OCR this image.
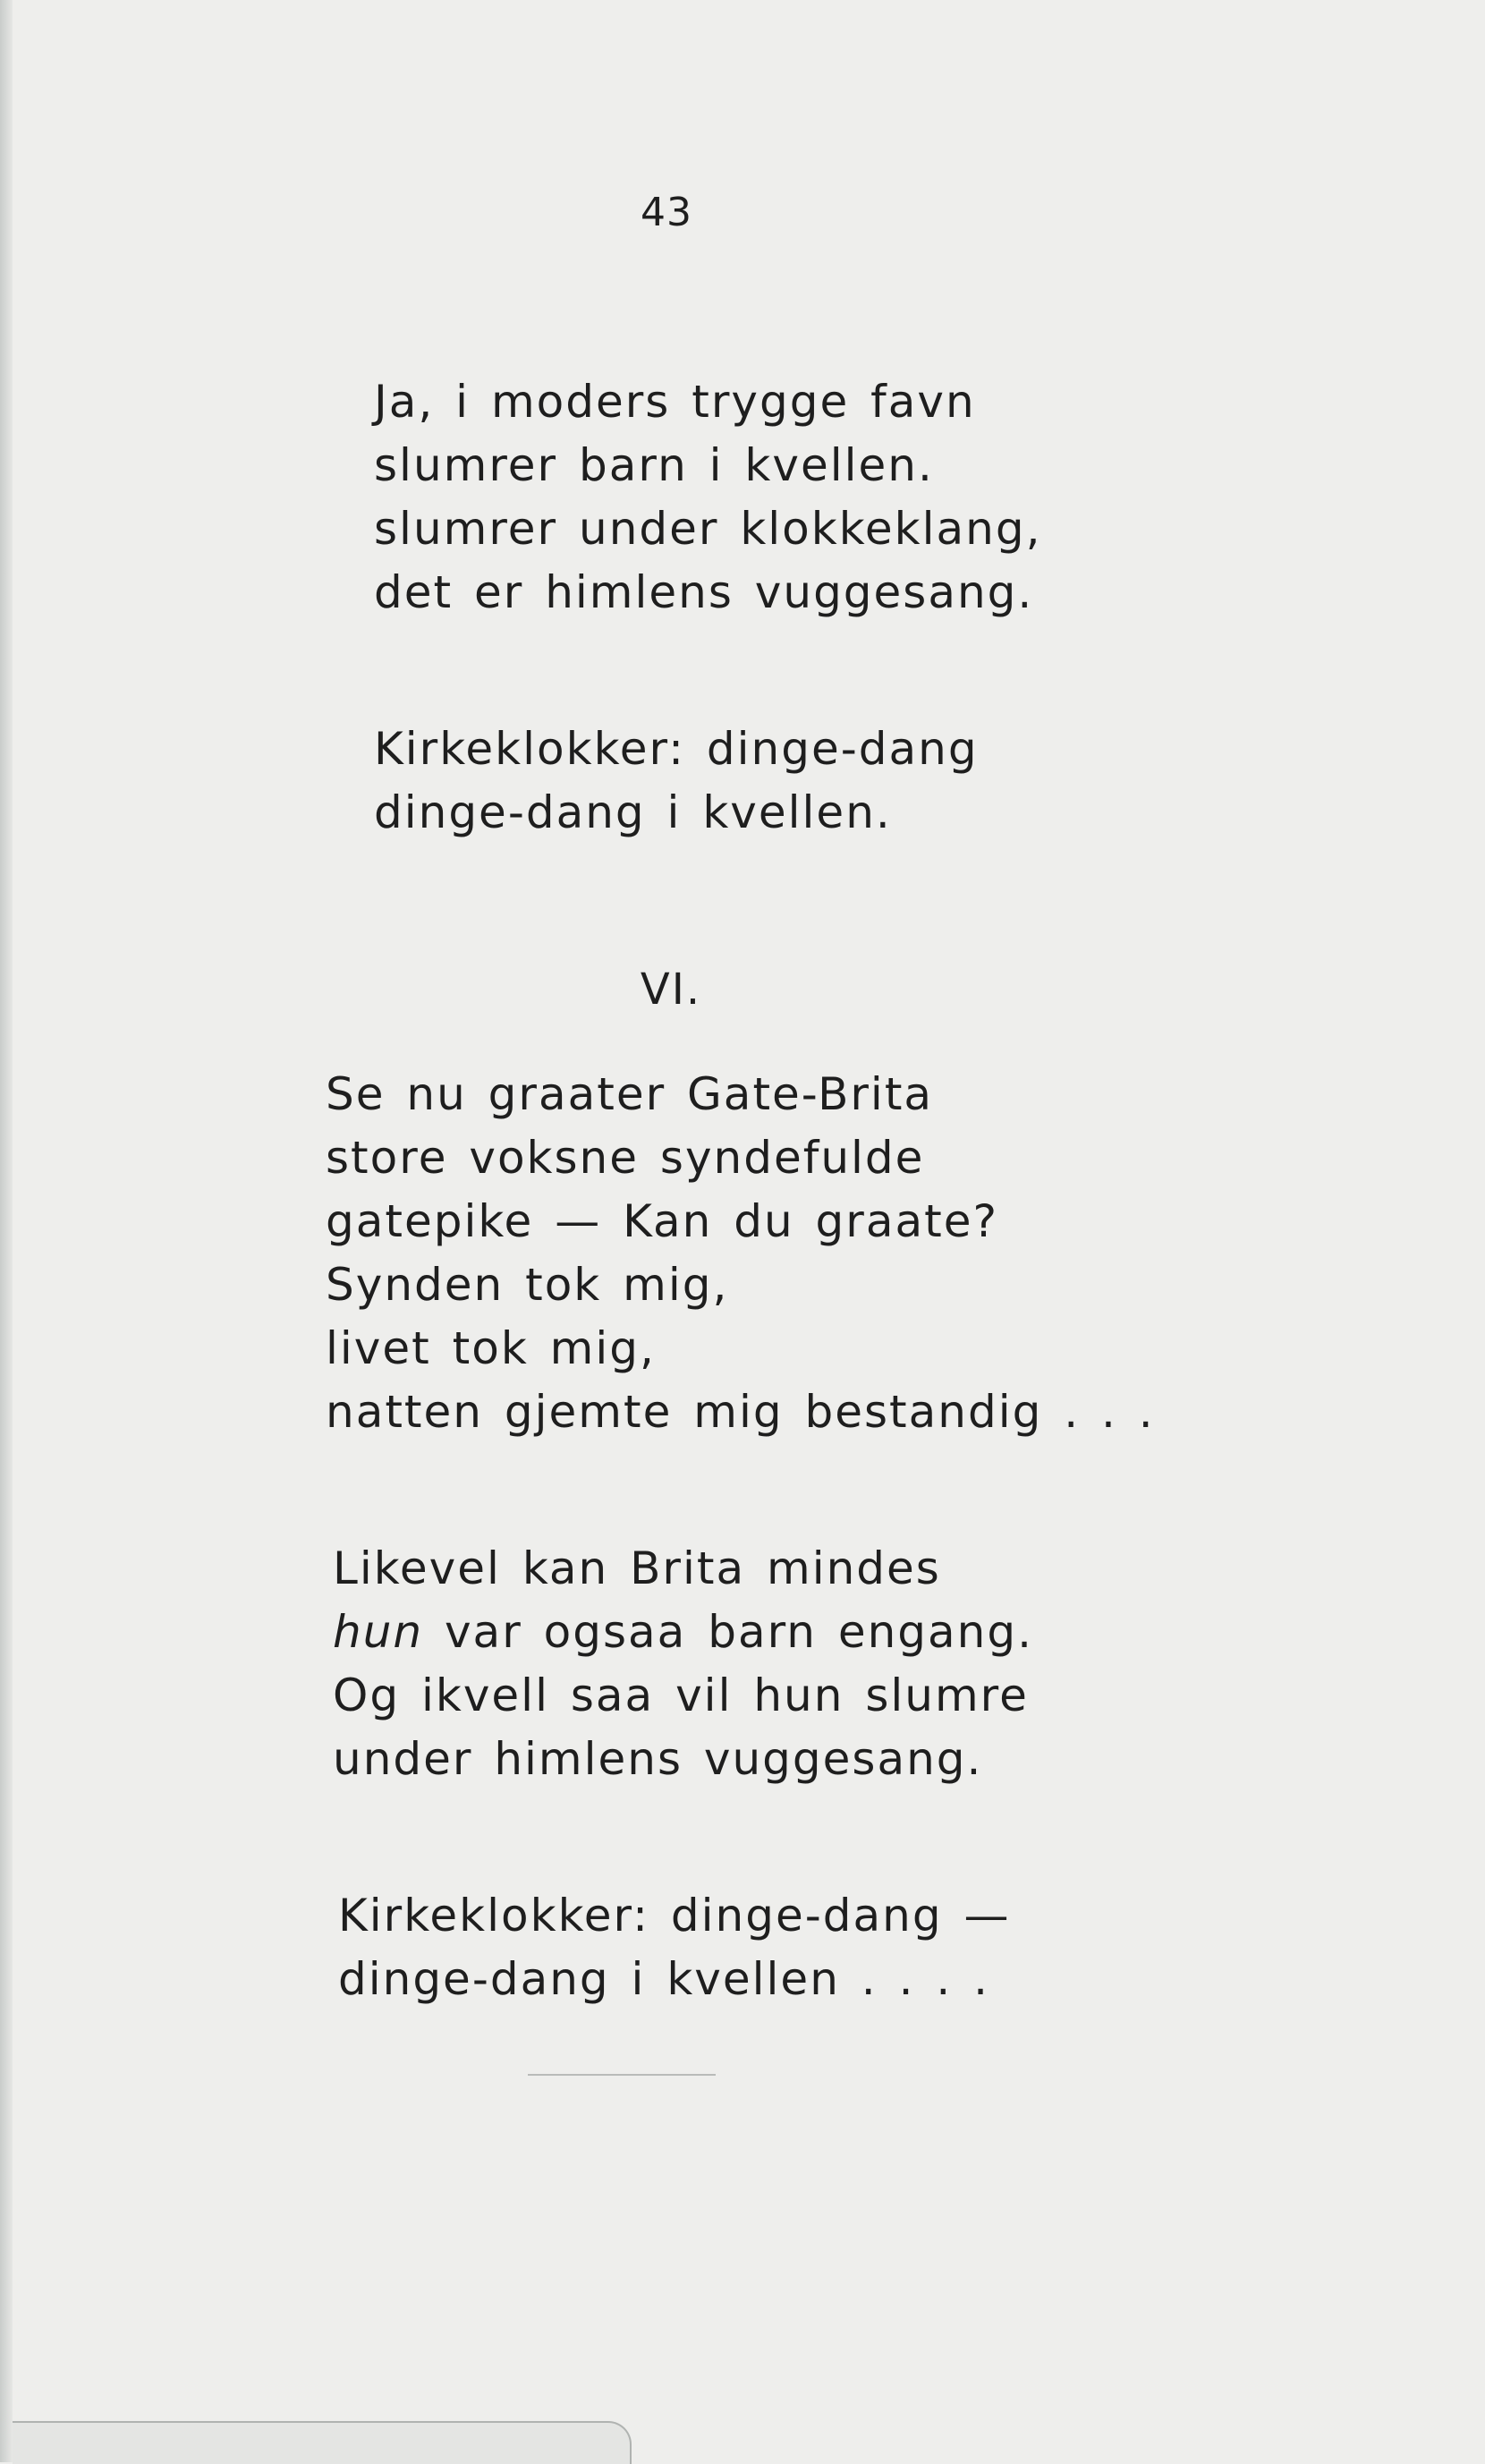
43
Ja, i moders trygge favn
slumrer barn i kvellen.
slumrer under klokkeklang,
det er himlens vuggesang.
Kirkeklokker: dinge-dang
dinge-dang i kvellen.
VI.
Se nu graater Gate-Brita
store voksne syndefulde
gatepike — Kan du graate?
Synden tok mig,
livet tok mig,
natten gjemte mig bestandig . . .
Likevel kan Brita mindes
hun var ogsaa barn engang.
Og ikvell saa vil hun slumre
under himlens vuggesang.
Kirkeklokker: dinge-dang —
dinge-dang i kvellen . . . .
